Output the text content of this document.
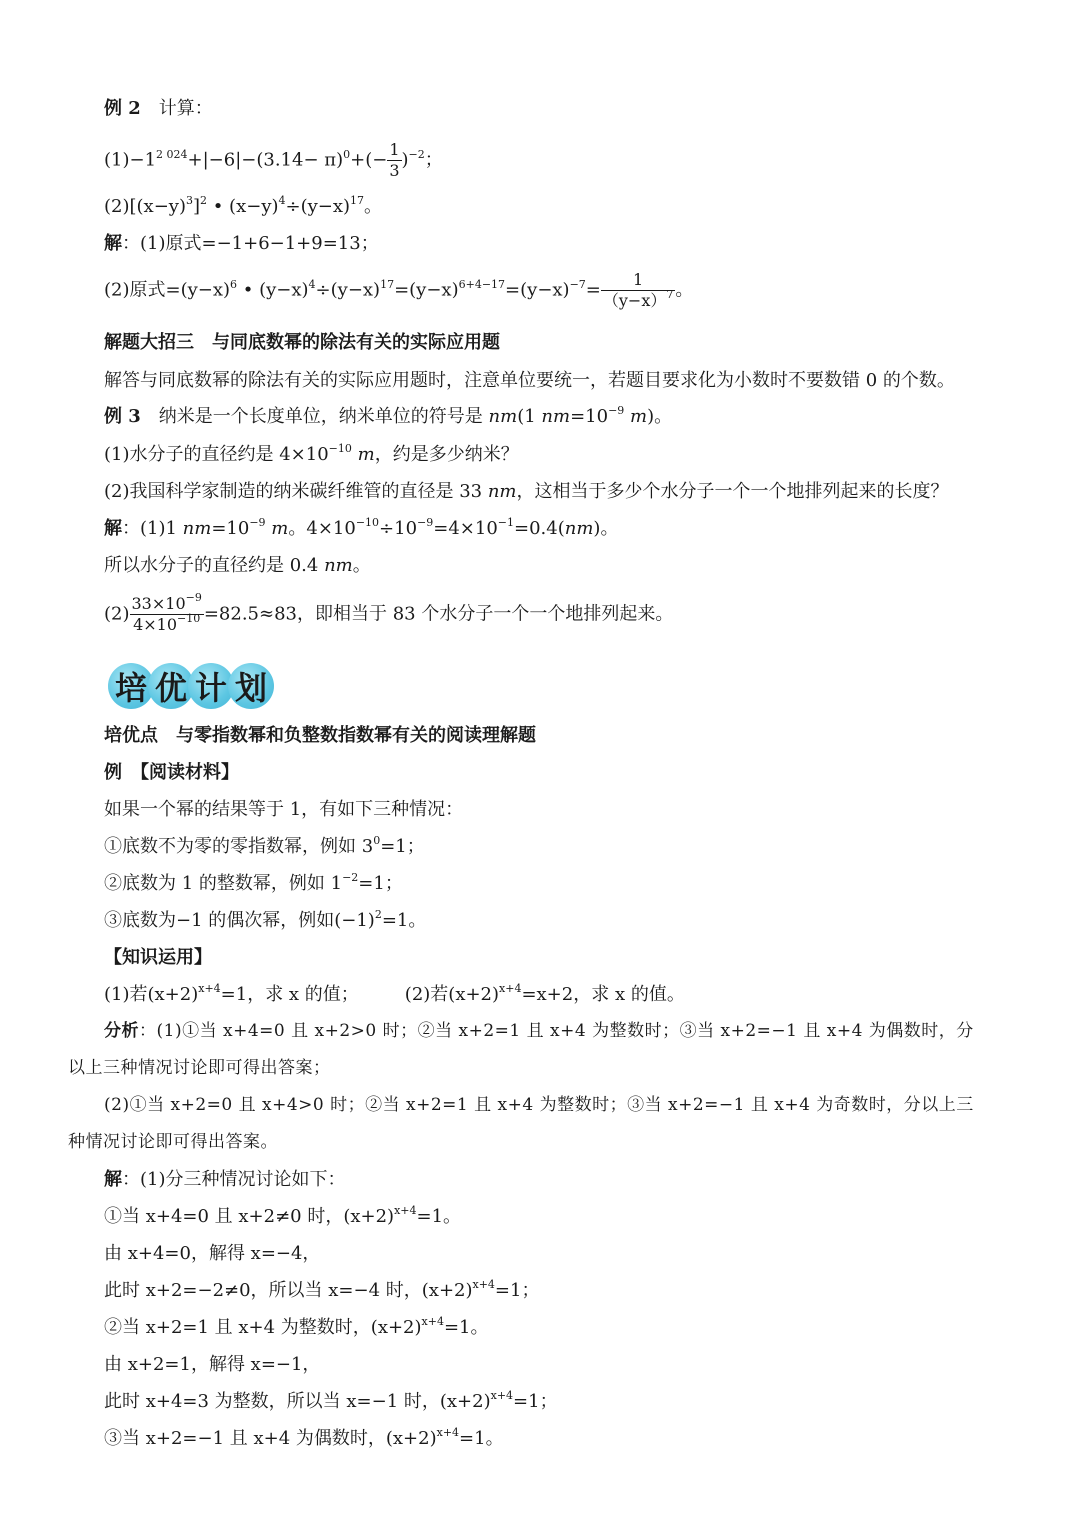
例 2　 计算：
$(1)-1^{2 024}+|-6|-(3.14- \pi)^0+(- \frac{1}{3} )^{-2}$；
$(2)[(x-y)^3]^2$ • $(x-y)^4\div(y-x)^{17}$。
解：(1)原式=−1+6−1+9=13；
(2)原式$=(y-x)^6$ • $(y-x)^4\div(y-x)^{17}=(y-x)^{6+4-17}=(y-x)^{-7}= \frac{1}{(y-x)^7}$ 。
解题大招三　与同底数幂的除法有关的实际应用题
解答与同底数幂的除法有关的实际应用题时，注意单位要统一，若题目要求化为小数时不要数错 0 的个数。
例 3　纳米是一个长度单位，纳米单位的符号是 nm(1 $nm=10^{-9}$ m)。
(1)水分子的直径约是 $4\times 10^{-10}$ m，约是多少纳米？
(2)我国科学家制造的纳米碳纤维管的直径是 33 nm，这相当于多少个水分子一个一个地排列起来的长度？
解：(1)1 $nm=10^{-9}$ m。$4\times 10^{-10}\div 10^{-9}=4\times 10^{-1}=0.4(nm)$。
所以水分子的直径约是 0.4 nm。
$(2) \frac{33\times 10^{-9}}{4\times 10^{-10}} =82.5\approx 83$，即相当于 83 个水分子一个一个地排列起来。
培 优 计 划
培优点　与零指数幂和负整数指数幂有关的阅读理解题
例　【阅读材料】
如果一个幂的结果等于 1，有如下三种情况：
①底数不为零的零指数幂，例如 $3^0=1$；
②底数为 1 的整数幂，例如 $1^{-2}=1$；
③底数为−1 的偶次幂，例如$(-1)^2=1$。
【知识运用】
(1)若$(x+2)^{x+4}=1$，求 x 的值；	(2)若$(x+2)^{x+4}=x+2$，求 x 的值。
分析：(1)①当 x+4=0 且 x+2>0 时；②当 x+2=1 且 x+4 为整数时；③当 x+2=−1 且 x+4 为偶数时，分
以上三种情况讨论即可得出答案；
(2)①当 x+2=0 且 x+4>0 时；②当 x+2=1 且 x+4 为整数时；③当 x+2=−1 且 x+4 为奇数时，分以上三
种情况讨论即可得出答案。
解：(1)分三种情况讨论如下：
①当 x+4=0 且 x+2≠0 时，$(x+2)^{x+4}=1$。
由 x+4=0，解得 x=−4，
此时 x+2=−2≠0，所以当 x=−4 时，$(x+2)^{x+4}=1$；
②当 x+2=1 且 x+4 为整数时，$(x+2)^{x+4}=1$。
由 x+2=1，解得 x=−1，
此时 x+4=3 为整数，所以当 x=−1 时，$(x+2)^{x+4}=1$；
③当 x+2=−1 且 x+4 为偶数时，$(x+2)^{x+4}=1$。
